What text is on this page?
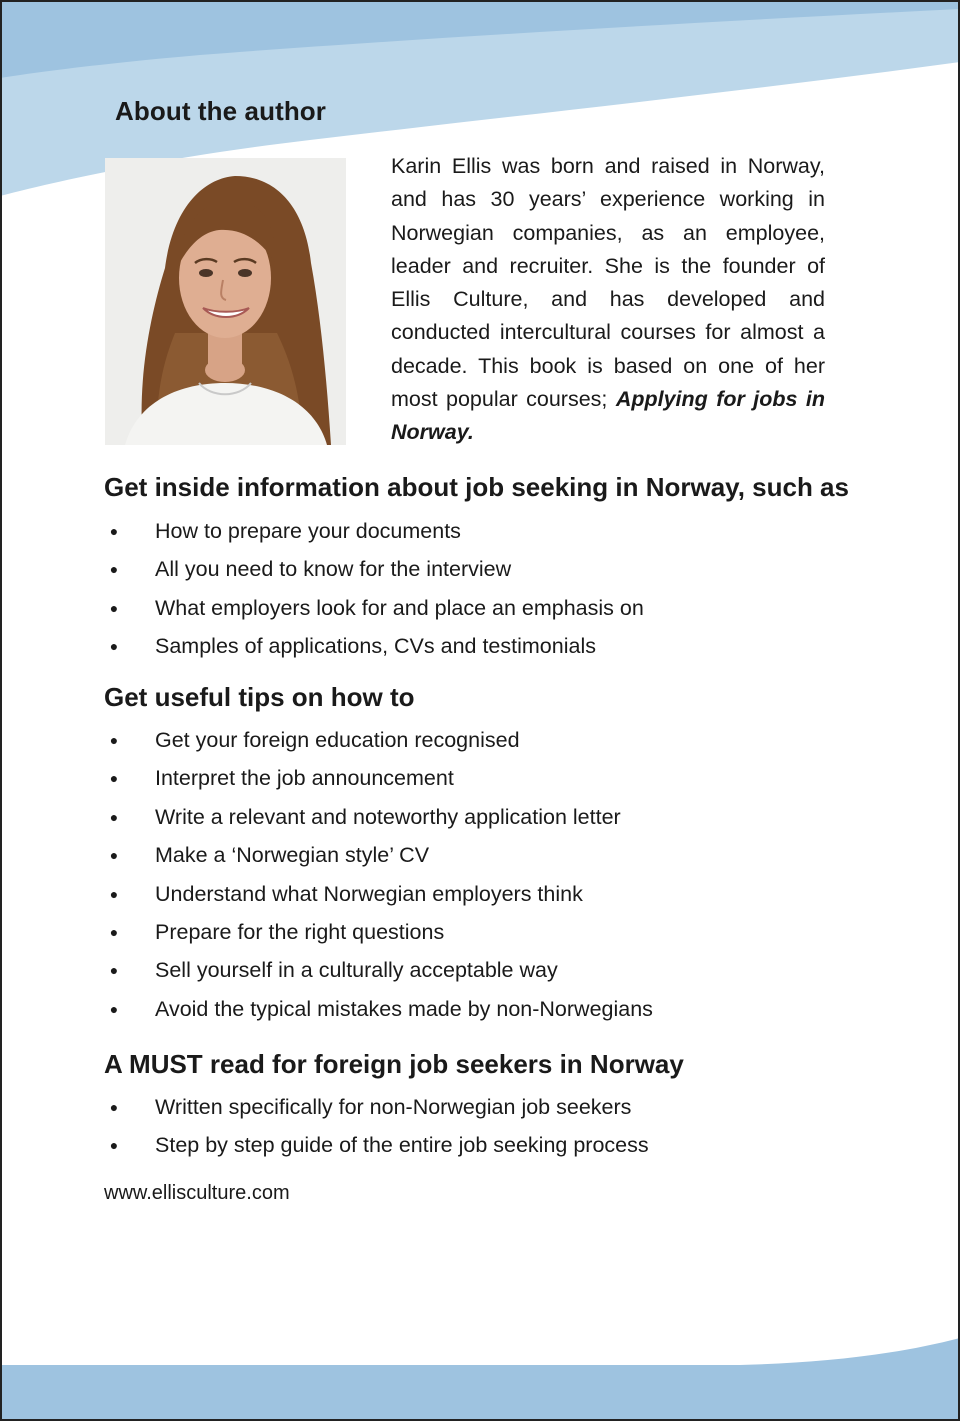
About the author

Karin Ellis was born and raised in Norway, and has 30 years’ experience working in Norwegian companies, as an employee, leader and recruiter. She is the founder of Ellis Culture, and has developed and conducted intercultural courses for almost a decade. This book is based on one of her most popular courses; Applying for jobs in Norway.

Get inside information about job seeking in Norway, such as
● How to prepare your documents
● All you need to know for the interview
● What employers look for and place an emphasis on
● Samples of applications, CVs and testimonials
Get useful tips on how to
● Get your foreign education recognised
● Interpret the job announcement
● Write a relevant and noteworthy application letter
● Make a ‘Norwegian style’ CV
● Understand what Norwegian employers think
● Prepare for the right questions
● Sell yourself in a culturally acceptable way
● Avoid the typical mistakes made by non-Norwegians
A MUST read for foreign job seekers in Norway
● Written specifically for non-Norwegian job seekers
● Step by step guide of the entire job seeking process

www.ellisculture.com
